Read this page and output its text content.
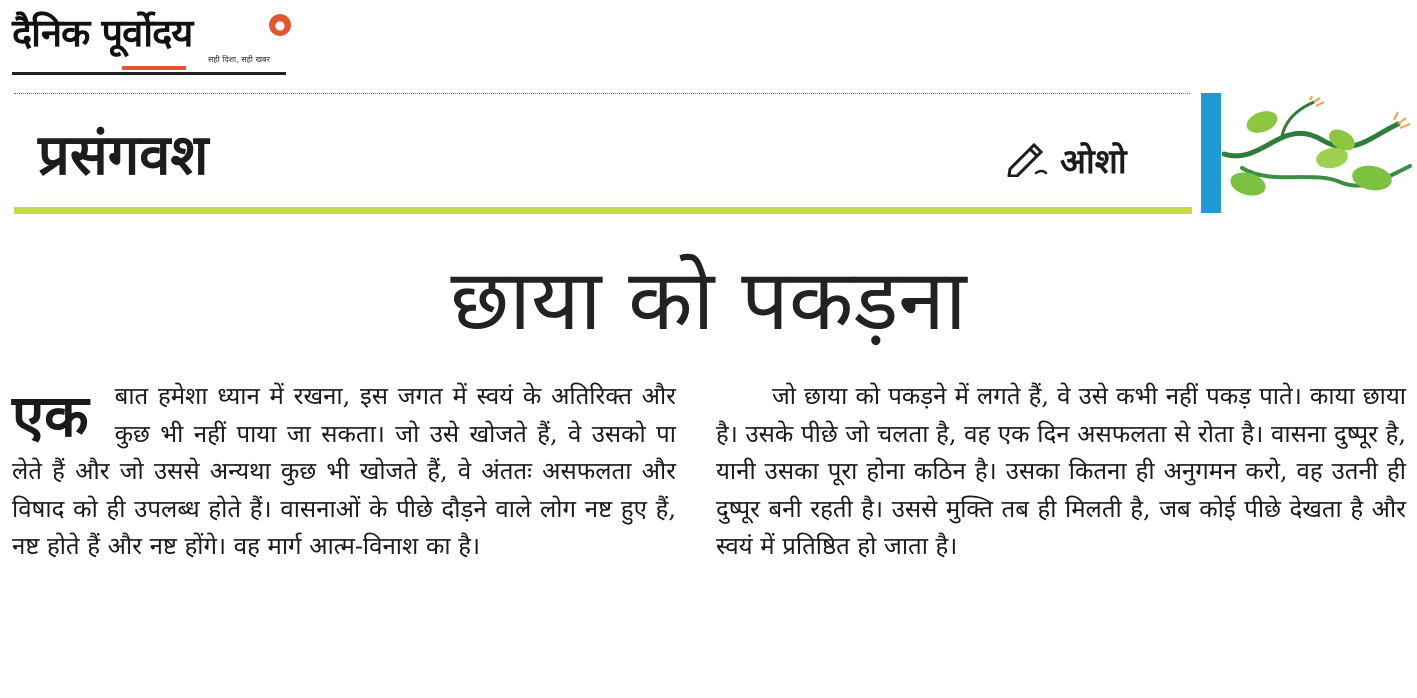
दैनिक पूर्वोदय	●
सही दिशा, सही खबर
प्रसंगवश	ओशो
छाया को पकड़ना
एक बात हमेशा ध्यान में रखना, इस जगत में स्वयं के अतिरिक्त और कुछ भी नहीं पाया जा सकता। जो उसे खोजते हैं, वे उसको पा लेते हैं और जो उससे अन्यथा कुछ भी खोजते हैं, वे अंततः असफलता और विषाद को ही उपलब्ध होते हैं। वासनाओं के पीछे दौड़ने वाले लोग नष्ट हुए हैं, नष्ट होते हैं और नष्ट होंगे। वह मार्ग आत्म-विनाश का है।
जो छाया को पकड़ने में लगते हैं, वे उसे कभी नहीं पकड़ पाते। काया छाया है। उसके पीछे जो चलता है, वह एक दिन असफलता से रोता है। वासना दुष्पूर है, यानी उसका पूरा होना कठिन है। उसका कितना ही अनुगमन करो, वह उतनी ही दुष्पूर बनी रहती है। उससे मुक्ति तब ही मिलती है, जब कोई पीछे देखता है और स्वयं में प्रतिष्ठित हो जाता है।
